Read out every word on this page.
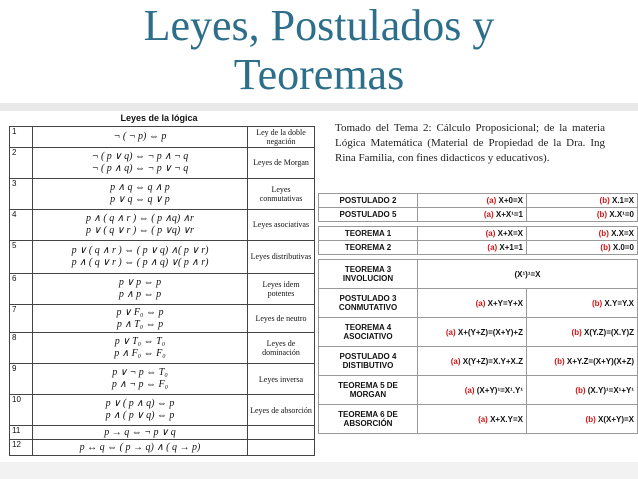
Leyes, Postulados y
Teoremas
Leyes de la lógica
1	¬ ( ¬ p) ⇔ p	Ley de la doble negación
2	¬ ( p ∨ q) ⇔ ¬ p ∧ ¬ q
¬ ( p ∧ q) ⇔ ¬ p ∨ ¬ q	Leyes de Morgan
3	p ∧ q ⇔ q ∧ p
p ∨ q ⇔ q ∨ p	Leyes conmutativas
4	p ∧ ( q ∧ r ) ⇔ ( p ∧q) ∧r
p ∨ ( q ∨ r ) ⇔ ( p ∨q) ∨r	Leyes asociativas
5	p ∨ ( q ∧ r ) ⇔ ( p ∨ q) ∧( p ∨ r)
p ∧ ( q ∨ r ) ⇔ ( p ∧ q) ∨( p ∧ r)	Leyes distributivas
6	p ∨ p ⇔ p
p ∧ p ⇔ p	Leyes idem potentes
7	p ∨ F₀ ⇔ p
p ∧ T₀ ⇔ p	Leyes de neutro
8	p ∨ T₀ ⇔ T₀
p ∧ F₀ ⇔ F₀	Leyes de dominación
9	p ∨ ¬ p ⇔ T₀
p ∧ ¬ p ⇔ F₀	Leyes inversa
10	p ∨ ( p ∧ q) ⇔ p
p ∧ ( p ∨ q) ⇔ p	Leyes de absorción
11	p → q ⇔ ¬ p ∨ q	

12	p ↔ q ⇔ ( p → q) ∧ ( q → p)	

Tomado del Tema 2: Cálculo Proposicional; de la materia Lógica Matemática (Material de Propiedad de la Dra. Ing Rina Familia, con fines didacticos y educativos).
POSTULADO 2	(a) X+0=X	(b) X.1=X
POSTULADO 5	(a) X+X¹=1	(b) X.X¹=0

TEOREMA 1	(a) X+X=X	(b) X.X=X
TEOREMA 2	(a) X+1=1	(b) X.0=0

TEOREMA 3 INVOLUCION	(X¹)¹=X	
POSTULADO 3 CONMUTATIVO	(a) X+Y=Y+X	(b) X.Y=Y.X
TEOREMA 4 ASOCIATIVO	(a) X+(Y+Z)=(X+Y)+Z	(b) X(Y.Z)=(X.Y)Z
POSTULADO 4 DISTIBUTIVO	(a) X(Y+Z)=X.Y+X.Z	(b) X+Y.Z=(X+Y)(X+Z)
TEOREMA 5 DE MORGAN	(a) (X+Y)¹=X¹.Y¹	(b) (X.Y)¹=X¹+Y¹
TEOREMA 6 DE ABSORCIÓN	(a) X+X.Y=X	(b) X(X+Y)=X
